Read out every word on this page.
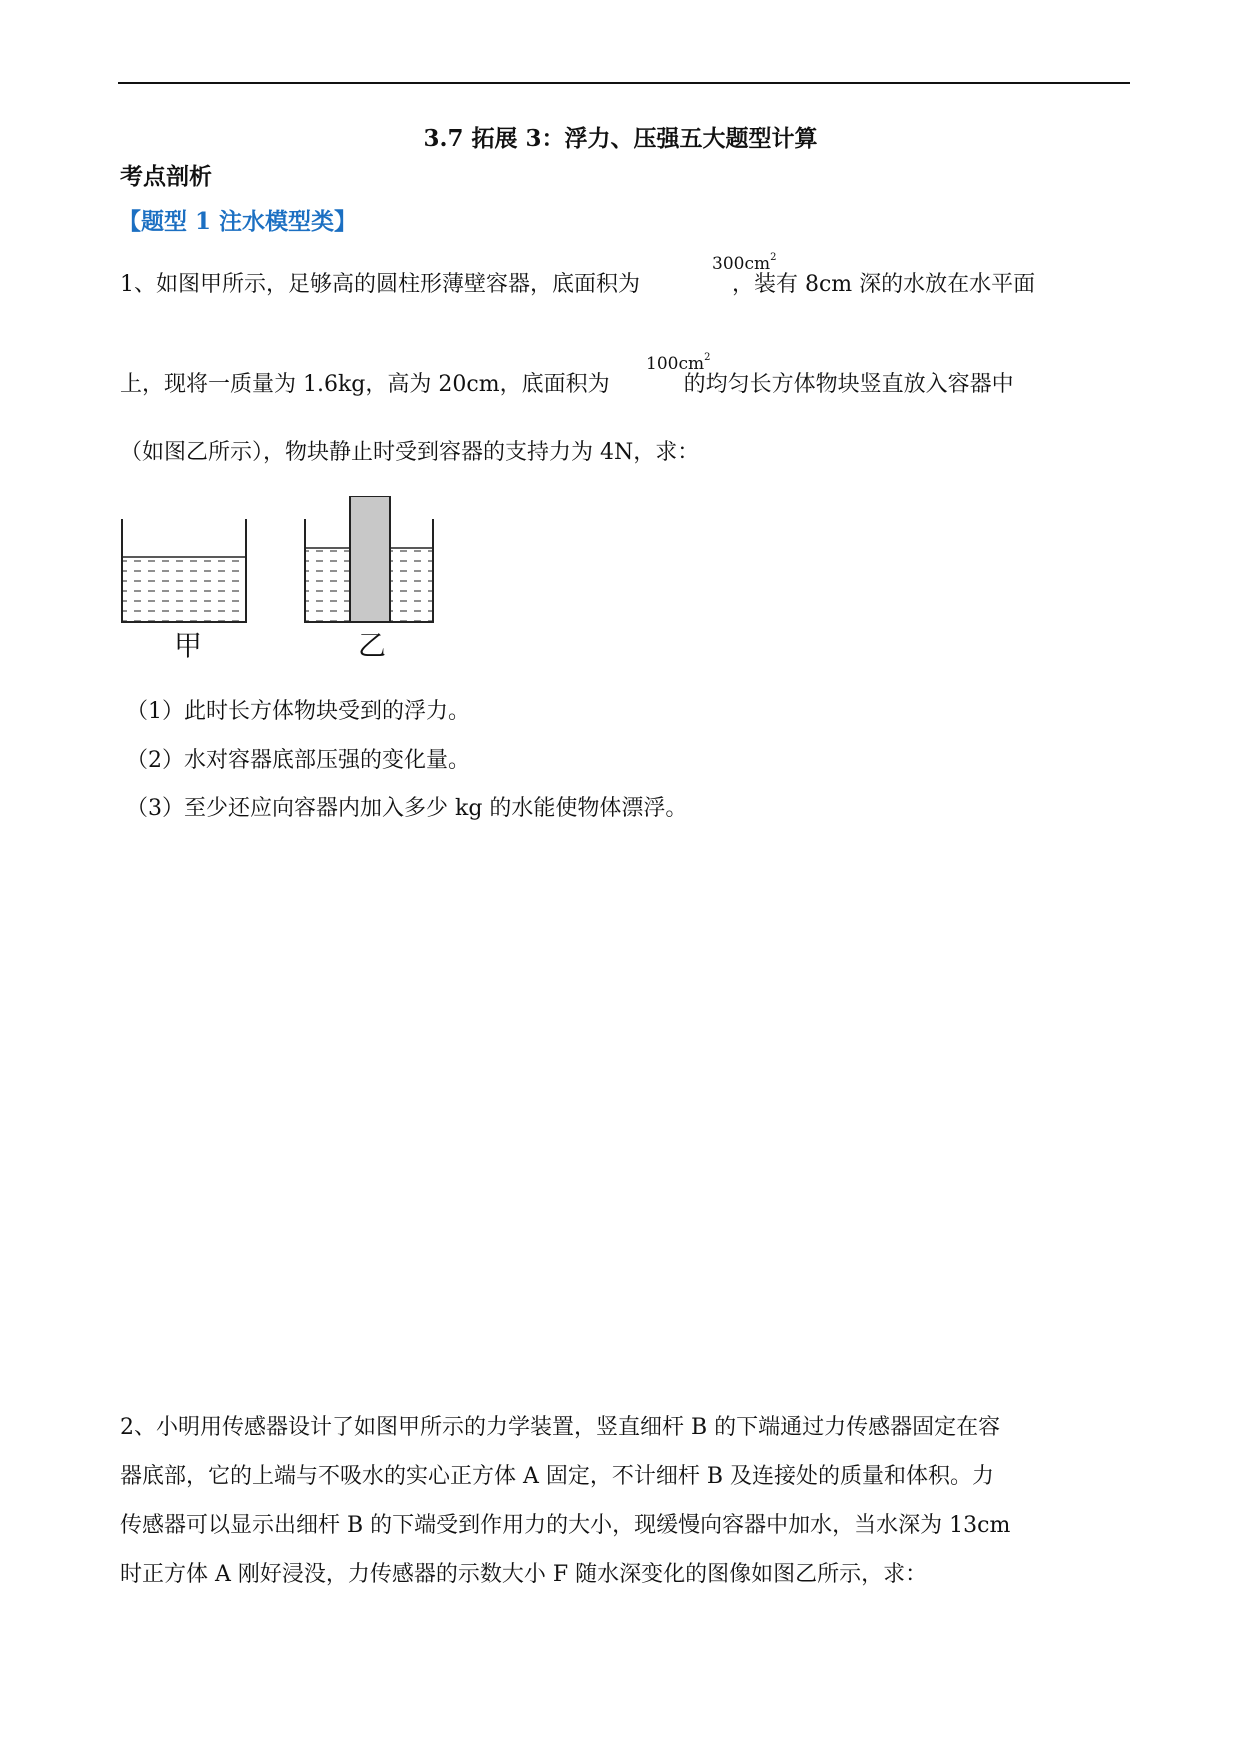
3.7 拓展 3：浮力、压强五大题型计算
考点剖析
【题型 1 注水模型类】
1、如图甲所示，足够高的圆柱形薄壁容器，底面积为	，装有 8cm 深的水放在水平面
$300cm^2$
上，现将一质量为 1.6kg，高为 20cm，底面积为	的均匀长方体物块竖直放入容器中
$100cm^2$
（如图乙所示），物块静止时受到容器的支持力为 4N，求：
甲	乙
（1）此时长方体物块受到的浮力。
（2）水对容器底部压强的变化量。
（3）至少还应向容器内加入多少 kg 的水能使物体漂浮。
2、小明用传感器设计了如图甲所示的力学装置，竖直细杆 B 的下端通过力传感器固定在容
器底部，它的上端与不吸水的实心正方体 A 固定，不计细杆 B 及连接处的质量和体积。力
传感器可以显示出细杆 B 的下端受到作用力的大小，现缓慢向容器中加水，当水深为 13cm
时正方体 A 刚好浸没，力传感器的示数大小 F 随水深变化的图像如图乙所示，求：
